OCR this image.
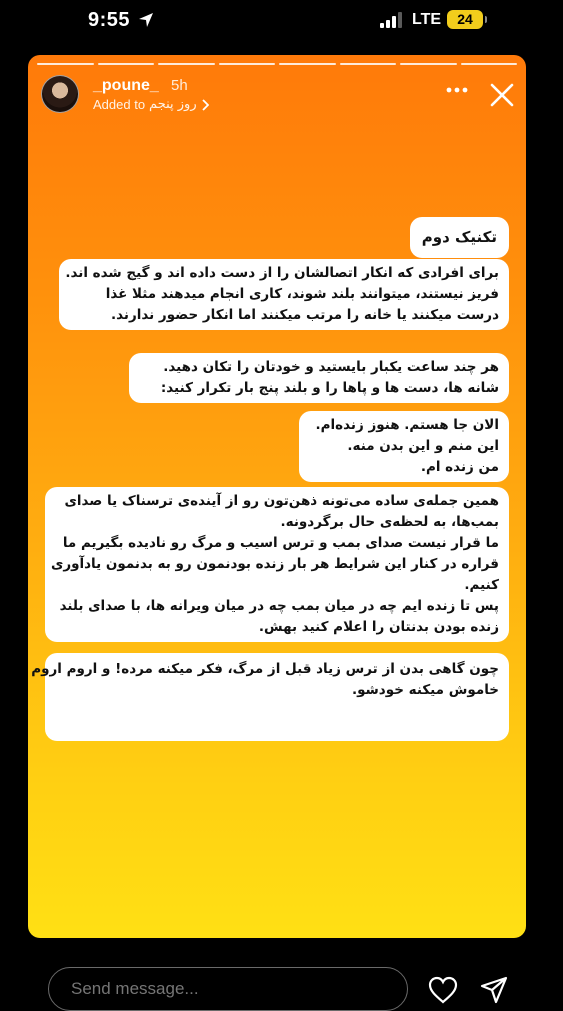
9:55	LTE	24
_poune_ 5h
Added to روز پنجم
تکنیک دوم
برای افرادی که انکار اتصالشان را از دست داده اند و گیج شده اند.
فریز نیستند، میتوانند بلند شوند، کاری انجام میدهند مثلا غذا
درست میکنند یا خانه را مرتب میکنند اما انکار حضور ندارند.
هر چند ساعت یکبار بایستید و خودتان را تکان دهید.
شانه ها، دست ها و پاها را و بلند پنج بار تکرار کنید:
الان جا هستم. هنوز زنده‌ام.
این منم و این بدن منه.
من زنده ام.
همین جمله‌ی ساده می‌تونه ذهن‌تون رو از آینده‌ی ترسناک یا صدای
بمب‌ها، به لحظه‌ی حال برگردونه.
ما قرار نیست صدای بمب و ترس اسیب و مرگ رو نادیده بگیریم ما
قراره در کنار این شرایط هر بار زنده بودنمون رو به بدنمون یادآوری
کنیم.
پس تا زنده ایم چه در میان بمب چه در میان ویرانه ها، با صدای بلند
زنده بودن بدنتان را اعلام کنید بهش.
چون گاهی بدن از ترس زیاد قبل از مرگ، فکر میکنه مرده! و اروم اروم
خاموش میکنه خودشو.
Send message...
